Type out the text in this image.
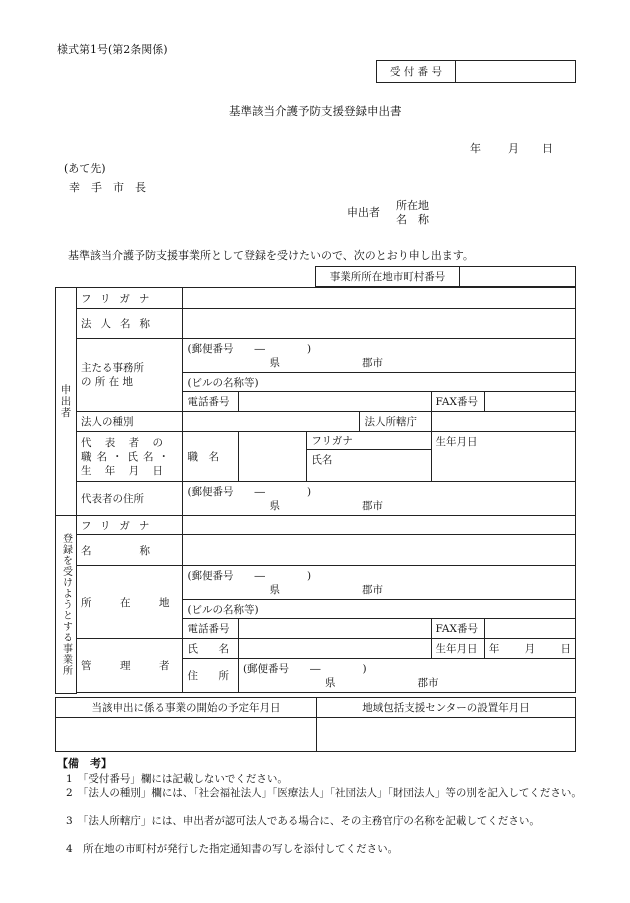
様式第1号(第2条関係)
受 付 番 号	
基準該当介護予防支援登録申出書
年 月 日
(あて先)
幸　手　市　長
申出者
所在地
名　称
基準該当介護予防支援事業所として登録を受けたいので、次のとおり申し出ます。
事業所所在地市町村番号	
申出者	フリガナ						
	法人名称						

	主たる事務所
の 所 在 地	(郵便番号　　―　　　　)
県 郡市					

		(ビルの名称等)					
		電話番号				FAX番号	
	法人の種別				法人所轄庁		

	代 表 者 の
職名・氏名・
生 年 月 日	職　名		フリガナ		生年月日	
				氏名			
	代表者の住所	(郵便番号　　―　　　　)
県 郡市					

登録を受けようとする事業所	フリガナ						
	名　　称						
	所　在　地	(郵便番号　　―　　　　)
県 郡市					

		(ビルの名称等)					
		電話番号				FAX番号	
	管　理　者	氏　名				生年月日	年 月 日
		住　所	(郵便番号　　―　　　　)
県 郡市				

当該申出に係る事業の開始の予定年月日	地域包括支援センターの設置年月日

【備　考】
1　「受付番号」欄には記載しないでください。
2　「法人の種別」欄には、「社会福祉法人」「医療法人」「社団法人」「財団法人」等の別を記入してください。
3　「法人所轄庁」には、申出者が認可法人である場合に、その主務官庁の名称を記載してください。
4　所在地の市町村が発行した指定通知書の写しを添付してください。
